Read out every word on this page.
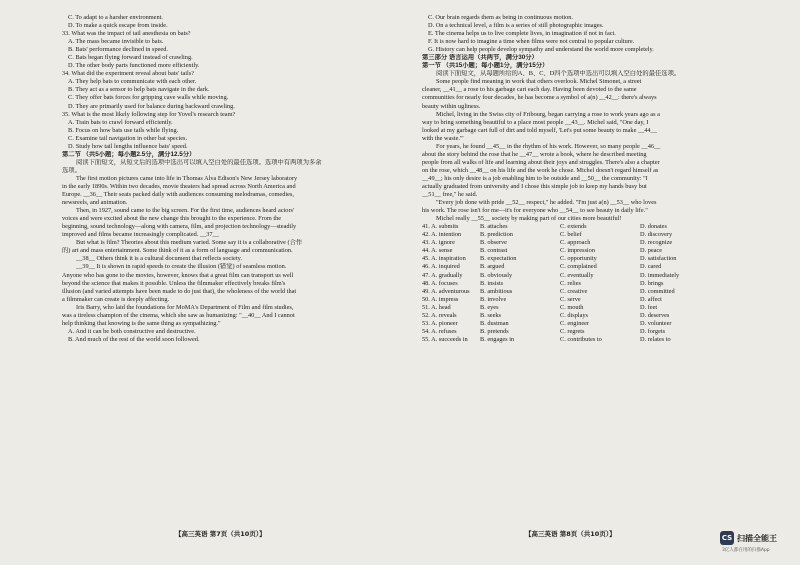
C. To adapt to a harsher environment.

D. To make a quick escape from inside.

33. What was the impact of tail anesthesia on bats?

A. The mass became invisible to bats.

B. Bats' performance declined in speed.

C. Bats began flying forward instead of crawling.

D. The other body parts functioned more efficiently.

34. What did the experiment reveal about bats' tails?

A. They help bats to communicate with each other.

B. They act as a sensor to help bats navigate in the dark.

C. They offer bats forces for gripping cave walls while moving.

D. They are primarily used for balance during backward crawling.

35. What is the most likely following step for Yovel's research team?

A. Train bats to crawl forward efficiently.

B. Focus on how bats use tails while flying.

C. Examine tail navigation in other bat species.

D. Study how tail lengths influence bats' speed.

第二节 （共5小题；每小题2.5分，满分12.5分）

阅读下面短文，从短文后的选项中选出可以填入空白处的最佳选项。选项中有两项为多余

选项。

The first motion pictures came into life in Thomas Alva Edison's New Jersey laboratory

in the early 1890s. Within two decades, movie theaters had spread across North America and

Europe. __36__ Their seats packed daily with audiences consuming melodramas, comedies,

newsreels, and animation.

Then, in 1927, sound came to the big screen. For the first time, audiences heard actors'

voices and were excited about the new change this brought to the experience. From the

beginning, sound technology—along with camera, film, and projection technology—steadily

improved and films became increasingly complicated. __37__

But what is film? Theories about this medium varied. Some say it is a collaborative (合作

的) art and mass entertainment. Some think of it as a form of language and communication.

__38__ Others think it is a cultural document that reflects society.

__39__ It is shown in rapid speeds to create the illusion (错觉) of seamless motion.

Anyone who has gone to the movies, however, knows that a great film can transport us well

beyond the science that makes it possible. Unless the filmmaker effectively breaks film's

illusion (and varied attempts have been made to do just that), the wholeness of the world that

a filmmaker can create is deeply affecting.

Iris Barry, who laid the foundations for MoMA's Department of Film and film studies,

was a tireless champion of the cinema, which she saw as humanizing: "__40__ And I cannot

help thinking that knowing is the same thing as sympathizing."

A. And it can be both constructive and destructive.

B. And much of the rest of the world soon followed.

C. Our brain regards them as being in continuous motion.

D. On a technical level, a film is a series of still photographic images.

E. The cinema helps us to live complete lives, in imagination if not in fact.

F. It is now hard to imagine a time when films were not central to popular culture.

G. History can help people develop sympathy and understand the world more completely.

第三部分 语言运用（共两节，满分30分）

第一节 （共15小题；每小题1分，满分15分）

阅读下面短文，从每题所给的A、B、C、D四个选项中选出可以填入空白处的最佳选项。

Some people find meaning in work that others overlook. Michel Simonet, a street

cleaner, __41__ a rose to his garbage cart each day. Having been devoted to the same

communities for nearly four decades, he has become a symbol of a(n) __42__: there's always

beauty within ugliness.

Michel, living in the Swiss city of Fribourg, began carrying a rose to work years ago as a

way to bring something beautiful to a place most people __43__. Michel said, "One day, I

looked at my garbage cart full of dirt and told myself, 'Let's put some beauty to make __44__

with the waste.'"

For years, he found __45__ in the rhythm of his work. However, so many people __46__

about the story behind the rose that he __47__ wrote a book, where he described meeting

people from all walks of life and learning about their joys and struggles. There's also a chapter

on the rose, which __48__ on his life and the work he chose. Michel doesn't regard himself as

__49__; his only desire is a job enabling him to be outside and __50__ the community: "I

actually graduated from university and I chose this simple job to keep my hands busy but

__51__ free," he said.

"Every job done with pride __52__ respect," he added. "I'm just a(n) __53__ who loves

his work. The rose isn't for me—it's for everyone who __54__ to see beauty in daily life."

Michel really __55__ society by making part of our cities more beautiful!

41. A. submits	B. attaches	C. extends	D. donates
42. A. intention	B. prediction	C. belief	D. discovery
43. A. ignore	B. observe	C. approach	D. recognize
44. A. sense	B. contrast	C. impression	D. peace
45. A. inspiration	B. expectation	C. opportunity	D. satisfaction
46. A. inquired	B. argued	C. complained	D. cared
47. A. gradually	B. obviously	C. eventually	D. immediately
48. A. focuses	B. insists	C. relies	D. brings
49. A. adventurous	B. ambitious	C. creative	D. committed
50. A. impress	B. involve	C. serve	D. affect
51. A. head	B. eyes	C. mouth	D. feet
52. A. reveals	B. seeks	C. displays	D. deserves
53. A. pioneer	B. dustman	C. engineer	D. volunteer
54. A. refuses	B. pretends	C. regrets	D. forgets
55. A. succeeds in	B. engages in	C. contributes to	D. relates to
【高三英语 第7页（共10页）】	【高三英语 第8页（共10页）】	CS 扫描全能王
3亿人都在用的扫描App
